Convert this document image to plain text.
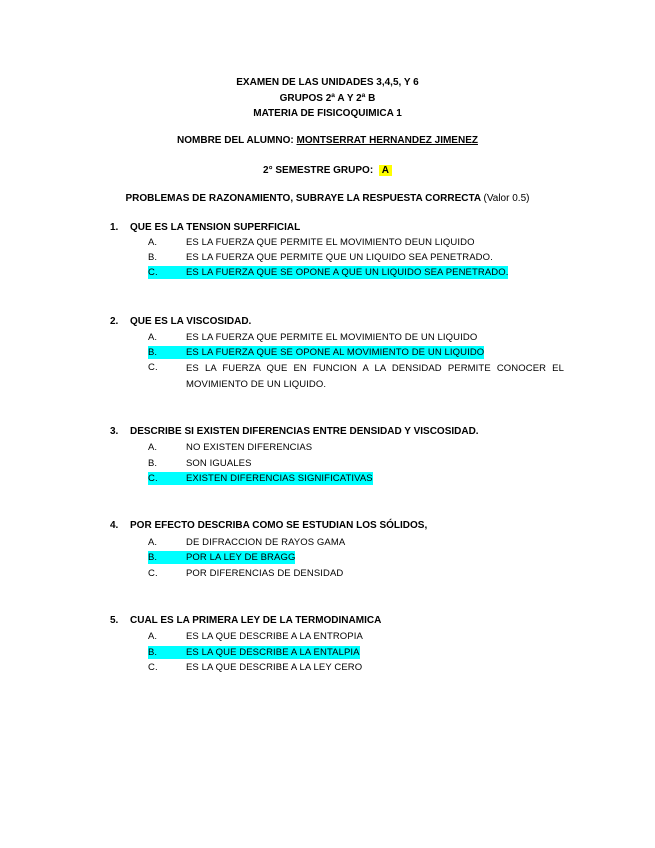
EXAMEN DE LAS UNIDADES 3,4,5, Y 6
GRUPOS 2ª A Y 2ª B
MATERIA DE FISICOQUIMICA 1
NOMBRE DEL ALUMNO: MONTSERRAT HERNANDEZ JIMENEZ
2° SEMESTRE GRUPO: A
PROBLEMAS DE RAZONAMIENTO, SUBRAYE LA RESPUESTA CORRECTA (Valor 0.5)
1. QUE ES LA TENSION SUPERFICIAL
A.	ES LA FUERZA QUE PERMITE EL MOVIMIENTO DEUN LIQUIDO
B.	ES LA FUERZA QUE PERMITE QUE UN LIQUIDO SEA PENETRADO.
C.	ES LA FUERZA QUE SE OPONE A QUE UN LIQUIDO SEA PENETRADO.
2. QUE ES LA VISCOSIDAD.
A.	ES LA FUERZA QUE PERMITE EL MOVIMIENTO DE UN LIQUIDO
B.	ES LA FUERZA QUE SE OPONE AL MOVIMIENTO DE UN LIQUIDO
C.	ES LA FUERZA QUE EN FUNCION A LA DENSIDAD PERMITE CONOCER EL MOVIMIENTO DE UN LIQUIDO.
3. DESCRIBE SI EXISTEN DIFERENCIAS ENTRE DENSIDAD Y VISCOSIDAD.
A.	NO EXISTEN DIFERENCIAS
B.	SON IGUALES
C.	EXISTEN DIFERENCIAS SIGNIFICATIVAS
4. POR EFECTO DESCRIBA COMO SE ESTUDIAN LOS SÓLIDOS,
A.	DE DIFRACCION DE RAYOS GAMA
B.	POR LA LEY DE BRAGG
C.	POR DIFERENCIAS DE DENSIDAD
5. CUAL ES LA PRIMERA LEY DE LA TERMODINAMICA
A.	ES LA QUE DESCRIBE A LA ENTROPIA
B.	ES LA QUE DESCRIBE A LA ENTALPIA
C.	ES LA QUE DESCRIBE A LA LEY CERO
